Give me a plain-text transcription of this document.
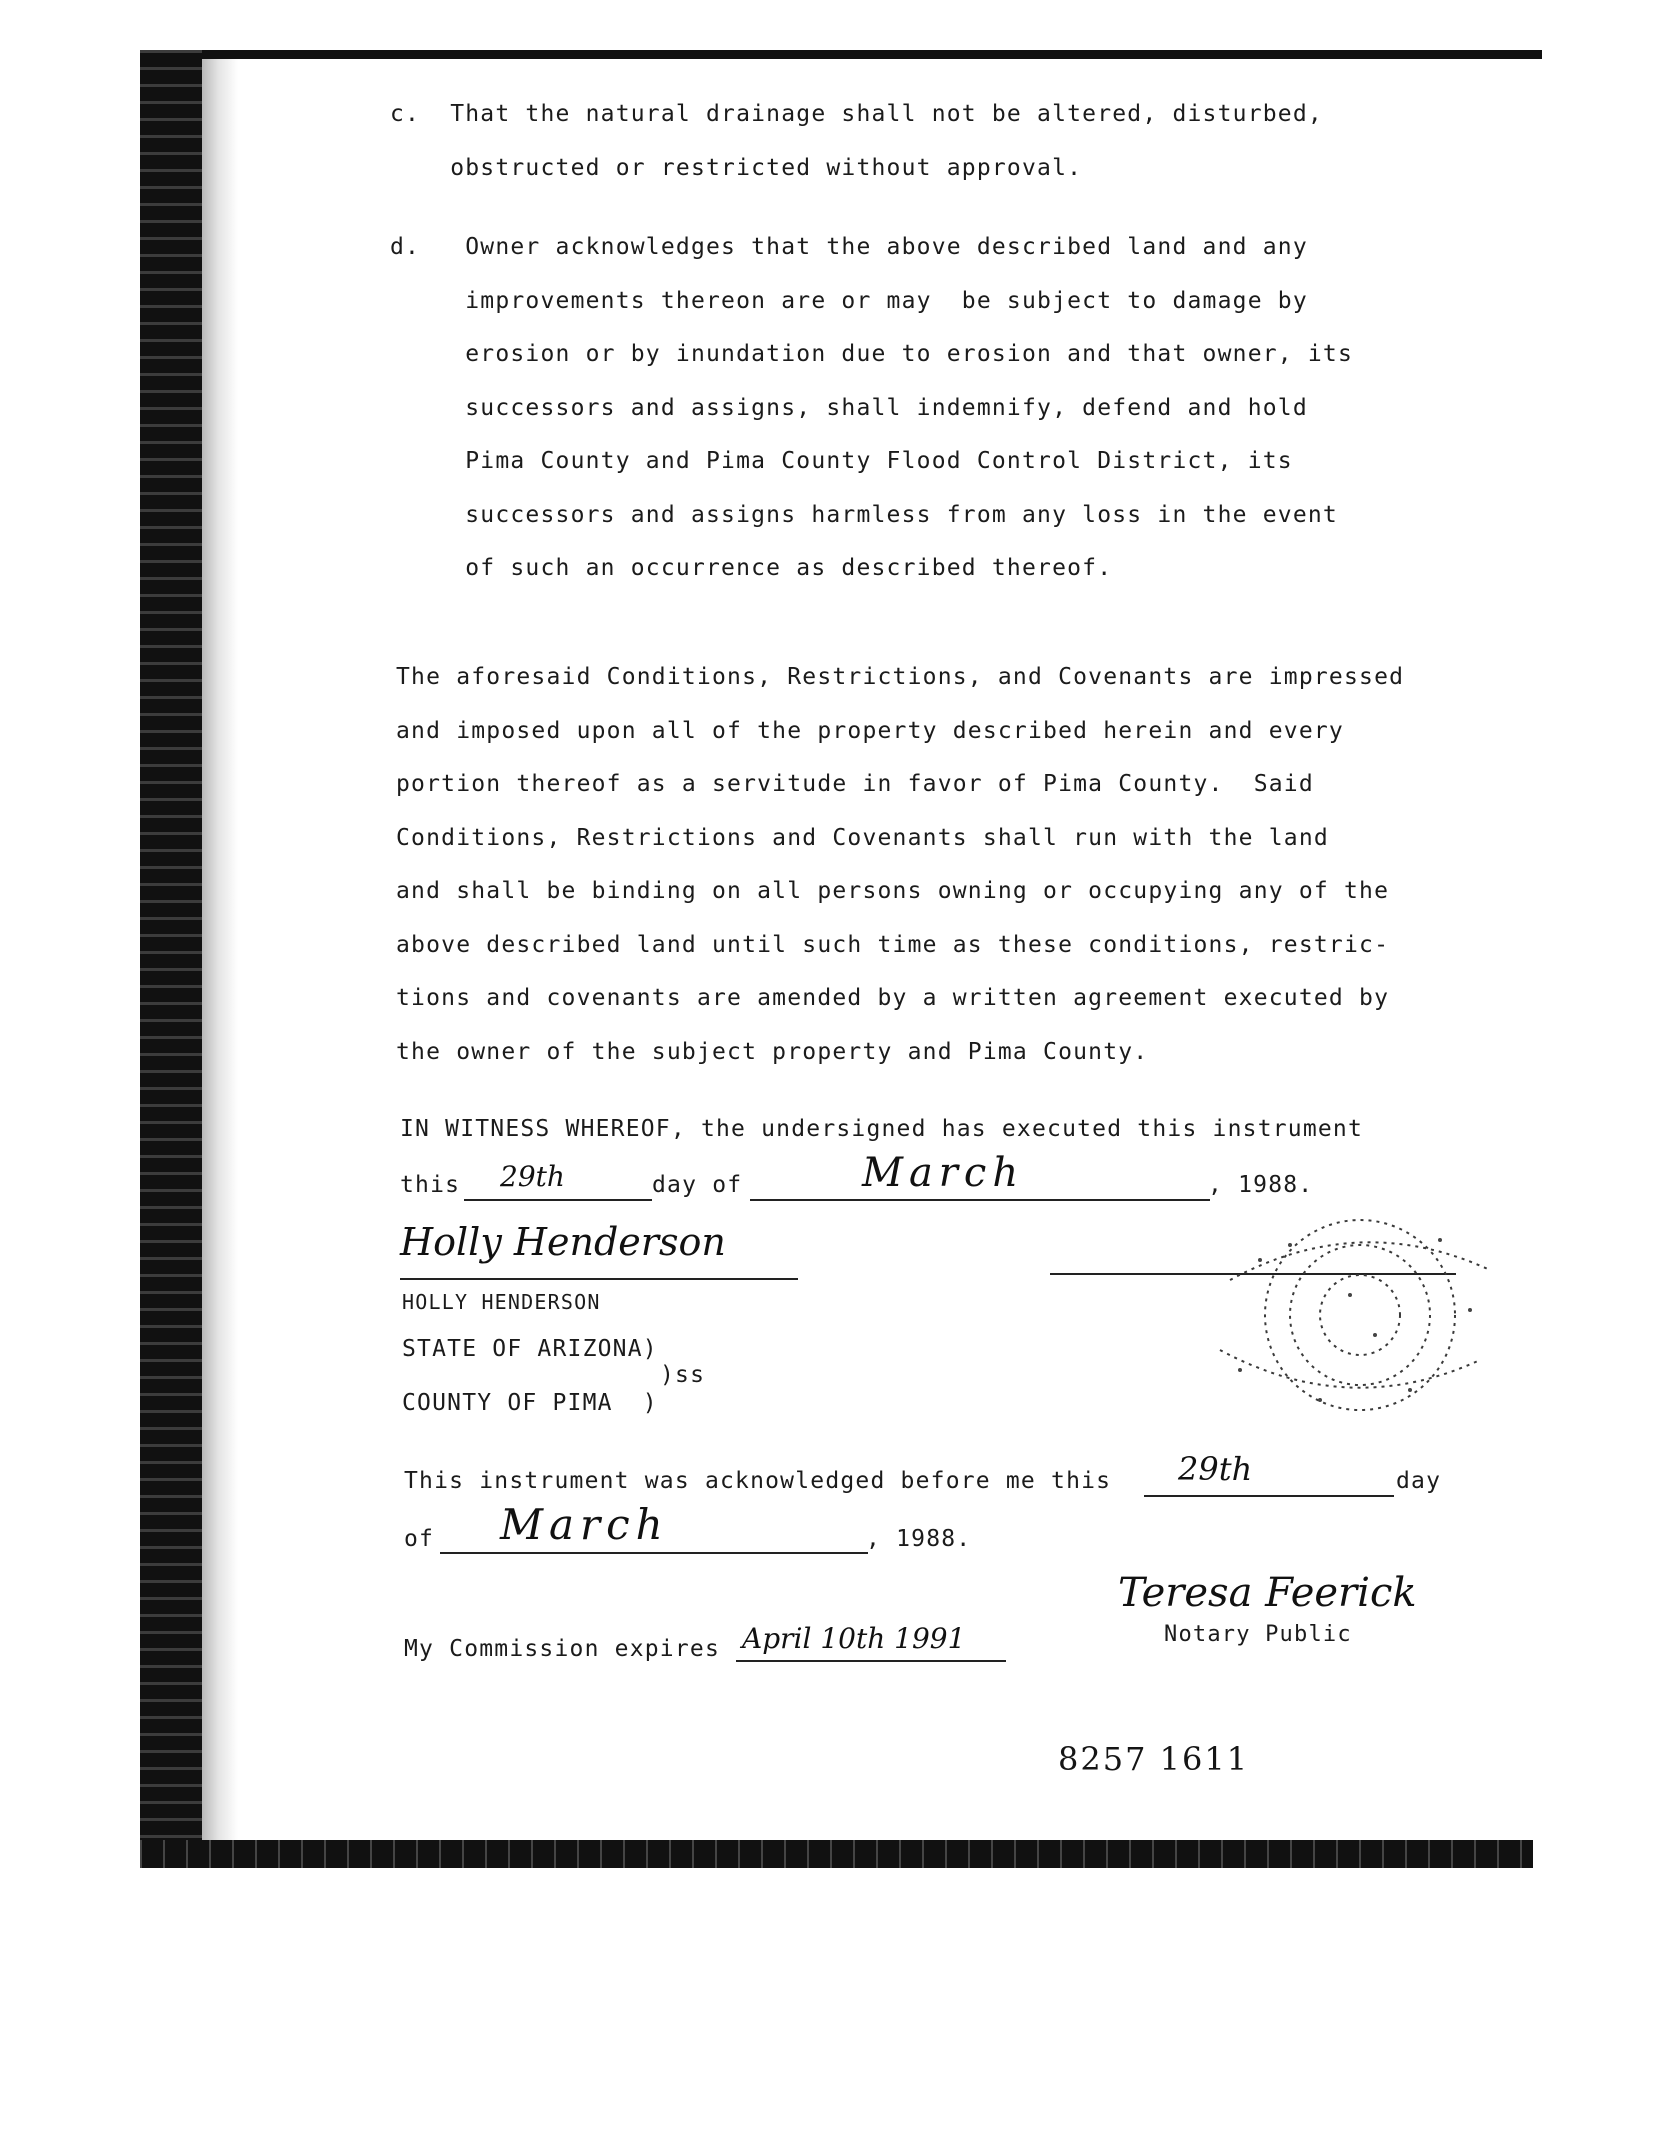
c.  That the natural drainage shall not be altered, disturbed,
obstructed or restricted without approval.
d.   Owner acknowledges that the above described land and any
improvements thereon are or may  be subject to damage by
erosion or by inundation due to erosion and that owner, its
successors and assigns, shall indemnify, defend and hold
Pima County and Pima County Flood Control District, its
successors and assigns harmless from any loss in the event
of such an occurrence as described thereof.
The aforesaid Conditions, Restrictions, and Covenants are impressed
and imposed upon all of the property described herein and every
portion thereof as a servitude in favor of Pima County.  Said
Conditions, Restrictions and Covenants shall run with the land
and shall be binding on all persons owning or occupying any of the
above described land until such time as these conditions, restric-
tions and covenants are amended by a written agreement executed by
the owner of the subject property and Pima County.
IN WITNESS WHEREOF, the undersigned has executed this instrument
this 29th	day of	March	, 1988.
Holly Henderson
HOLLY HENDERSON
STATE OF ARIZONA)
)ss
COUNTY OF PIMA  )
This instrument was acknowledged before me this 29th	day
of March	, 1988.
Teresa Feerick
Notary Public
My Commission expires April 10th 1991
8257 1611
